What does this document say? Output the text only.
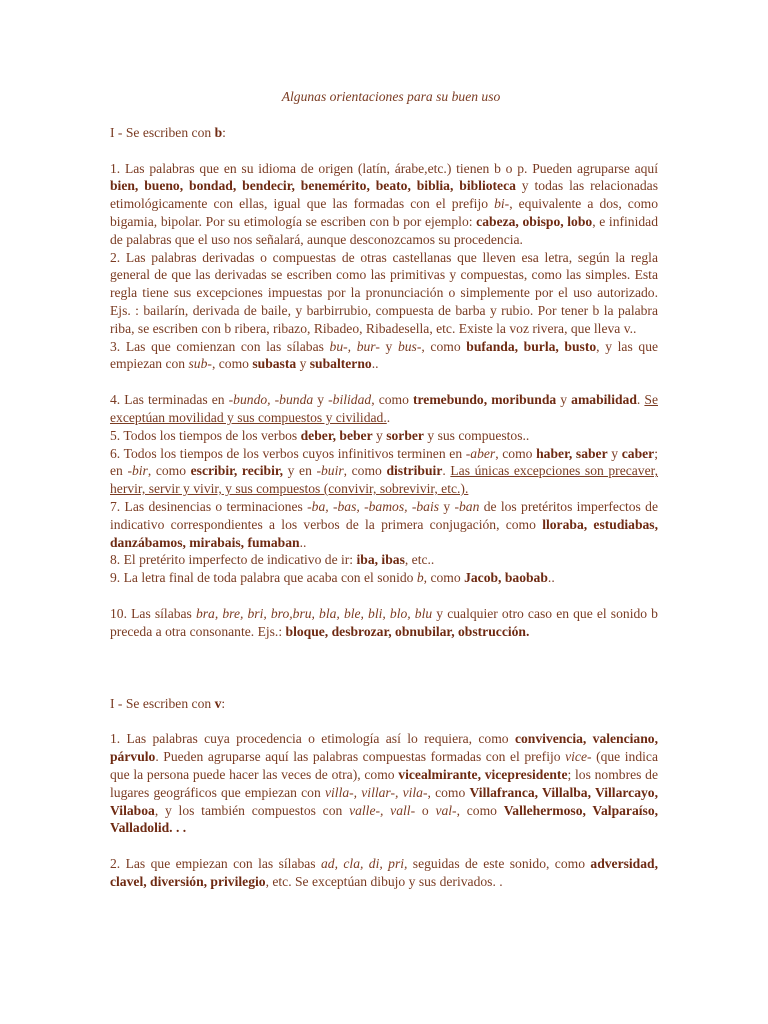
Algunas orientaciones para su buen uso
I - Se escriben con b:

1. Las palabras que en su idioma de origen (latín, árabe,etc.) tienen b o p. Pueden agruparse aquí bien, bueno, bondad, bendecir, benemérito, beato, biblia, biblioteca y todas las relacionadas etimológicamente con ellas, igual que las formadas con el prefijo bi-, equivalente a dos, como bigamia, bipolar. Por su etimología se escriben con b por ejemplo: cabeza, obispo, lobo, e infinidad de palabras que el uso nos señalará, aunque desconozcamos su procedencia.

2. Las palabras derivadas o compuestas de otras castellanas que lleven esa letra, según la regla general de que las derivadas se escriben como las primitivas y compuestas, como las simples. Esta regla tiene sus excepciones impuestas por la pronunciación o simplemente por el uso autorizado. Ejs. : bailarín, derivada de baile, y barbirrubio, compuesta de barba y rubio. Por tener b la palabra riba, se escriben con b ribera, ribazo, Ribadeo, Ribadesella, etc. Existe la voz rivera, que lleva v..

3. Las que comienzan con las sílabas bu-, bur- y bus-, como bufanda, burla, busto, y las que empiezan con sub-, como subasta y subalterno..

4. Las terminadas en -bundo, -bunda y -bilidad, como tremebundo, moribunda y amabilidad. Se exceptúan movilidad y sus compuestos y civilidad..

5. Todos los tiempos de los verbos deber, beber y sorber y sus compuestos..

6. Todos los tiempos de los verbos cuyos infinitivos terminen en -aber, como haber, saber y caber; en -bir, como escribir, recibir, y en -buir, como distribuir. Las únicas excepciones son precaver, hervir, servir y vivir, y sus compuestos (convivir, sobrevivir, etc.).

7. Las desinencias o terminaciones -ba, -bas, -bamos, -bais y -ban de los pretéritos imperfectos de indicativo correspondientes a los verbos de la primera conjugación, como lloraba, estudiabas, danzábamos, mirabais, fumaban..

8. El pretérito imperfecto de indicativo de ir: iba, ibas, etc..

9. La letra final de toda palabra que acaba con el sonido b, como Jacob, baobab..

10. Las sílabas bra, bre, bri, bro,bru, bla, ble, bli, blo, blu y cualquier otro caso en que el sonido b preceda a otra consonante. Ejs.: bloque, desbrozar, obnubilar, obstrucción.

I - Se escriben con v:

1. Las palabras cuya procedencia o etimología así lo requiera, como convivencia, valenciano, párvulo. Pueden agruparse aquí las palabras compuestas formadas con el prefijo vice- (que indica que la persona puede hacer las veces de otra), como vicealmirante, vicepresidente; los nombres de lugares geográficos que empiezan con villa-, villar-, vila-, como Villafranca, Villalba, Villarcayo, Vilaboa, y los también compuestos con valle-, vall- o val-, como Vallehermoso, Valparaíso, Valladolid. . .

2. Las que empiezan con las sílabas ad, cla, di, pri, seguidas de este sonido, como adversidad, clavel, diversión, privilegio, etc. Se exceptúan dibujo y sus derivados. .
